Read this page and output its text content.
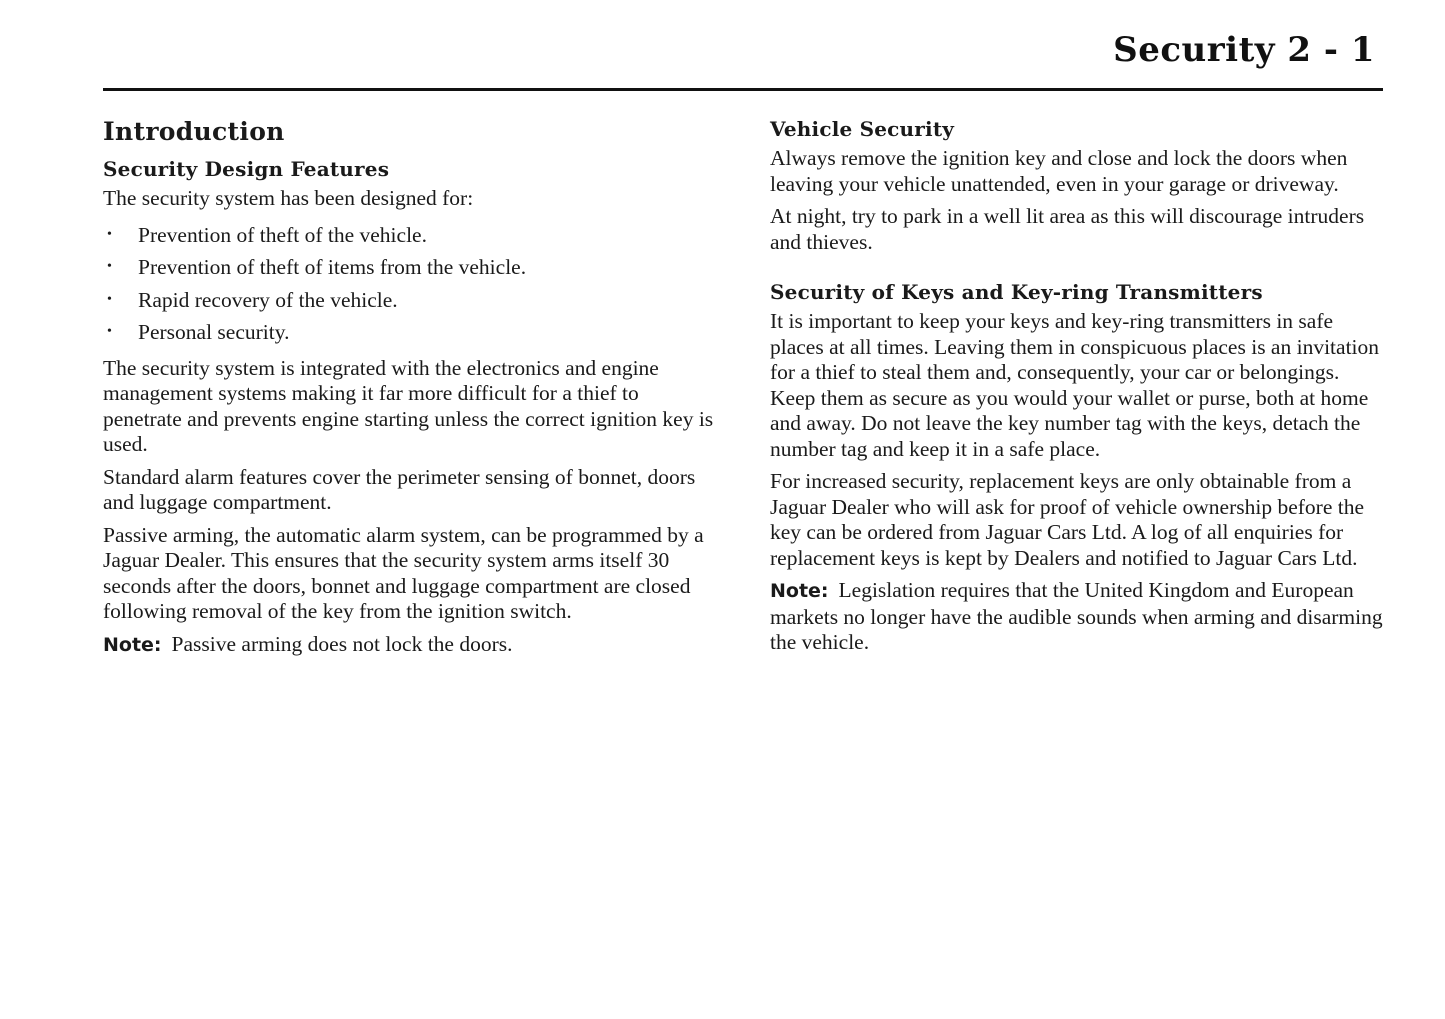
Security 2 - 1
Introduction
Security Design Features

The security system has been designed for:

• Prevention of theft of the vehicle.
• Prevention of theft of items from the vehicle.
• Rapid recovery of the vehicle.
• Personal security.

The security system is integrated with the electronics and engine management systems making it far more difficult for a thief to penetrate and prevents engine starting unless the correct ignition key is used.

Standard alarm features cover the perimeter sensing of bonnet, doors and luggage compartment.

Passive arming, the automatic alarm system, can be programmed by a Jaguar Dealer. This ensures that the security system arms itself 30 seconds after the doors, bonnet and luggage compartment are closed following removal of the key from the ignition switch.

Note: Passive arming does not lock the doors.

Vehicle Security

Always remove the ignition key and close and lock the doors when leaving your vehicle unattended, even in your garage or driveway.

At night, try to park in a well lit area as this will discourage intruders and thieves.

Security of Keys and Key-ring Transmitters

It is important to keep your keys and key-ring transmitters in safe places at all times. Leaving them in conspicuous places is an invitation for a thief to steal them and, consequently, your car or belongings. Keep them as secure as you would your wallet or purse, both at home and away. Do not leave the key number tag with the keys, detach the number tag and keep it in a safe place.

For increased security, replacement keys are only obtainable from a Jaguar Dealer who will ask for proof of vehicle ownership before the key can be ordered from Jaguar Cars Ltd. A log of all enquiries for replacement keys is kept by Dealers and notified to Jaguar Cars Ltd.

Note: Legislation requires that the United Kingdom and European markets no longer have the audible sounds when arming and disarming the vehicle.
